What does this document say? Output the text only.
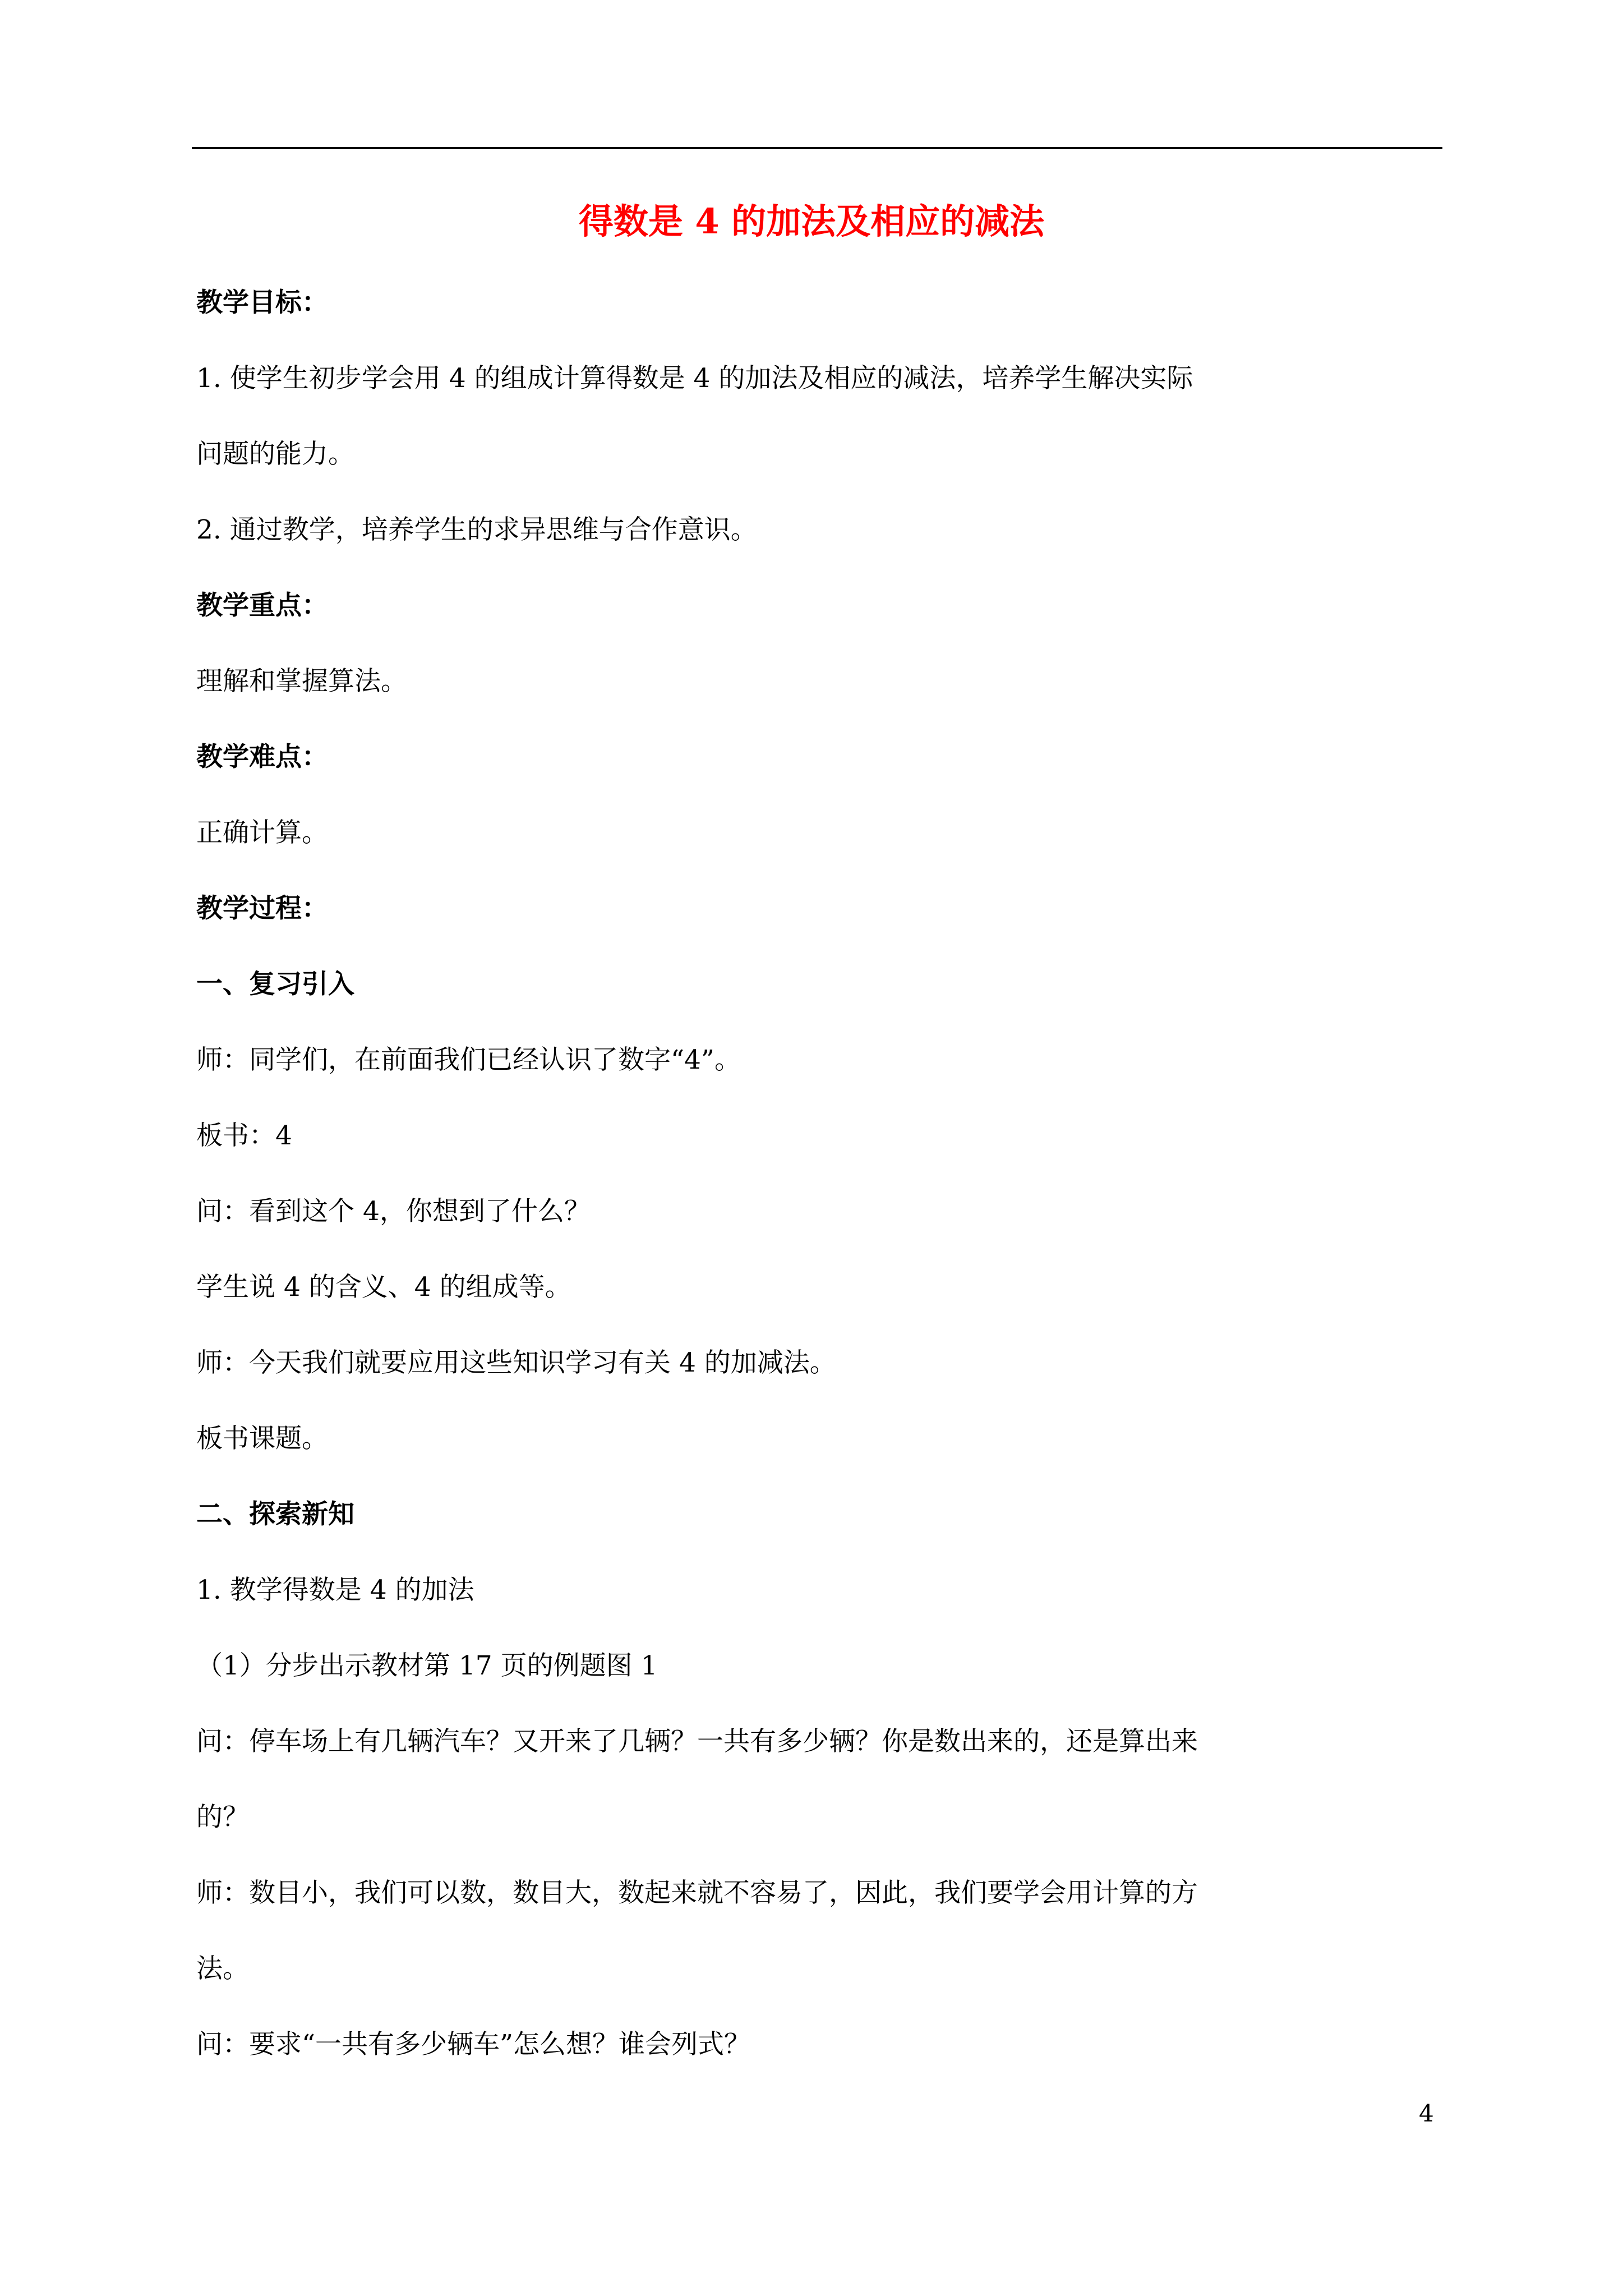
得数是 4 的加法及相应的减法
教学目标：
1. 使学生初步学会用 4 的组成计算得数是 4 的加法及相应的减法，培养学生解决实际
问题的能力。
2. 通过教学，培养学生的求异思维与合作意识。
教学重点：
理解和掌握算法。
教学难点：
正确计算。
教学过程：
一、复习引入
师：同学们，在前面我们已经认识了数字“4”。
板书：4
问：看到这个 4，你想到了什么？
学生说 4 的含义、4 的组成等。
师：今天我们就要应用这些知识学习有关 4 的加减法。
板书课题。
二、探索新知
1. 教学得数是 4 的加法
（1）分步出示教材第 17 页的例题图 1
问：停车场上有几辆汽车？又开来了几辆？一共有多少辆？你是数出来的，还是算出来
的？
师：数目小，我们可以数，数目大，数起来就不容易了，因此，我们要学会用计算的方
法。
问：要求“一共有多少辆车”怎么想？谁会列式？
4
